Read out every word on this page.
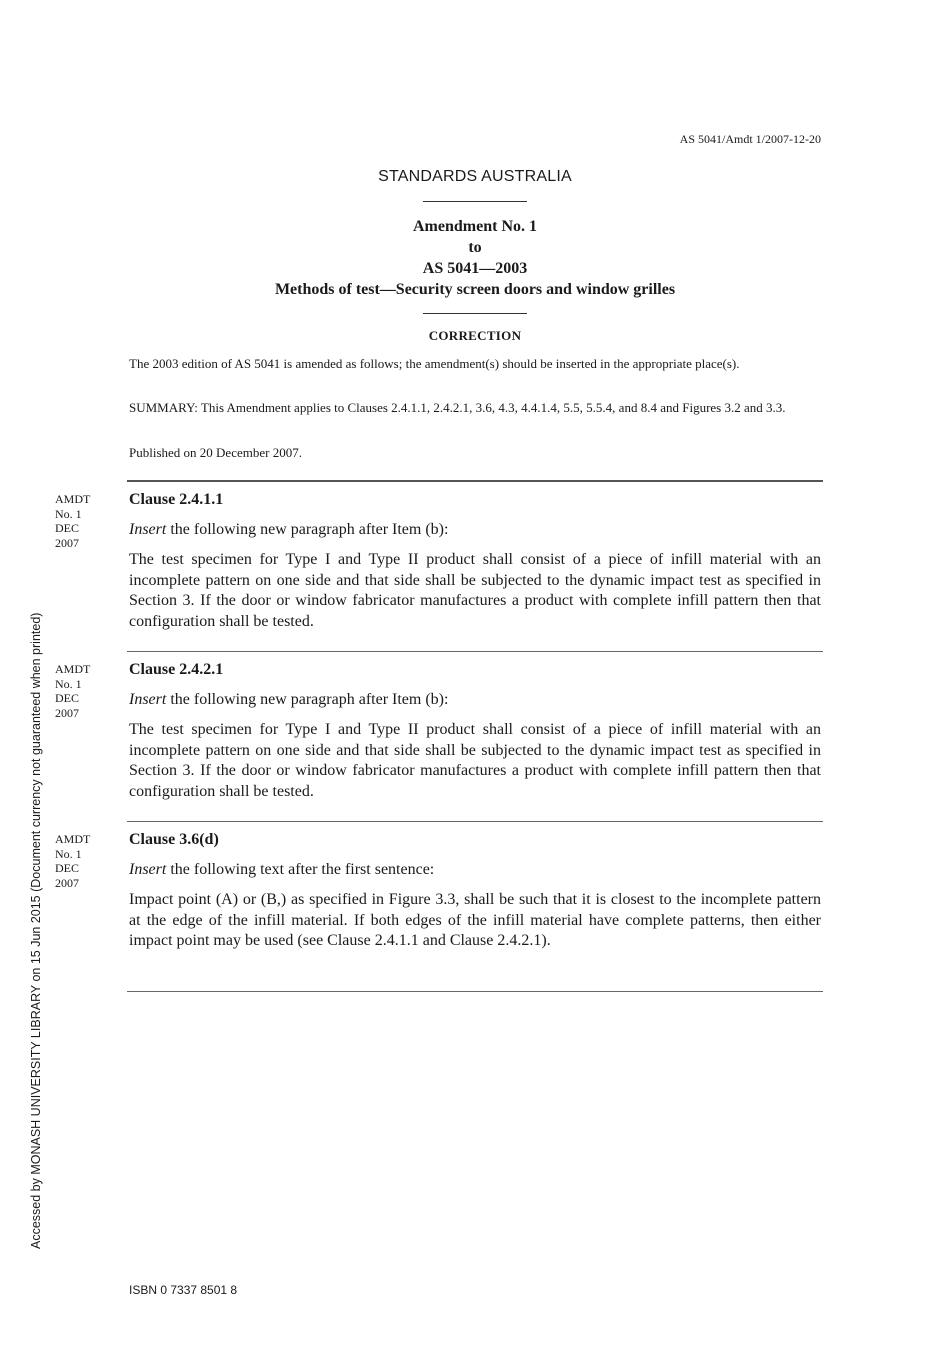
AS 5041/Amdt 1/2007-12-20
STANDARDS AUSTRALIA
Amendment No. 1
to
AS 5041—2003
Methods of test—Security screen doors and window grilles
CORRECTION
The 2003 edition of AS 5041 is amended as follows; the amendment(s) should be inserted in the appropriate place(s).
SUMMARY: This Amendment applies to Clauses 2.4.1.1, 2.4.2.1, 3.6, 4.3, 4.4.1.4, 5.5, 5.5.4, and 8.4 and Figures 3.2 and 3.3.
Published on 20 December 2007.
AMDT
No. 1
DEC
2007
Clause 2.4.1.1
Insert the following new paragraph after Item (b):
The test specimen for Type I and Type II product shall consist of a piece of infill material with an incomplete pattern on one side and that side shall be subjected to the dynamic impact test as specified in Section 3. If the door or window fabricator manufactures a product with complete infill pattern then that configuration shall be tested.
AMDT
No. 1
DEC
2007
Clause 2.4.2.1
Insert the following new paragraph after Item (b):
The test specimen for Type I and Type II product shall consist of a piece of infill material with an incomplete pattern on one side and that side shall be subjected to the dynamic impact test as specified in Section 3. If the door or window fabricator manufactures a product with complete infill pattern then that configuration shall be tested.
AMDT
No. 1
DEC
2007
Clause 3.6(d)
Insert the following text after the first sentence:
Impact point (A) or (B,) as specified in Figure 3.3, shall be such that it is closest to the incomplete pattern at the edge of the infill material. If both edges of the infill material have complete patterns, then either impact point may be used (see Clause 2.4.1.1 and Clause 2.4.2.1).
ISBN 0 7337 8501 8
Accessed by MONASH UNIVERSITY LIBRARY on 15 Jun 2015 (Document currency not guaranteed when printed)
